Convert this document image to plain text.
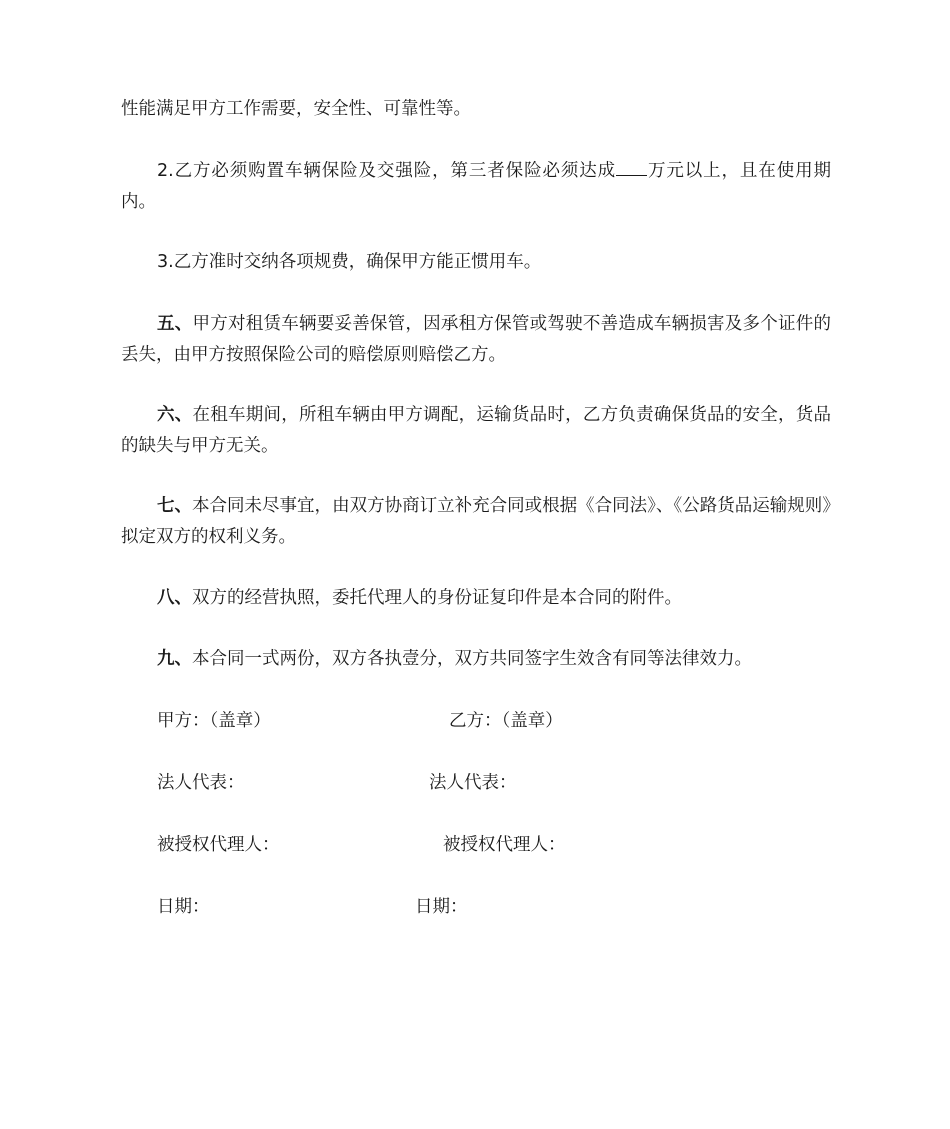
性能满足甲方工作需要，安全性、可靠性等。

2.乙方必须购置车辆保险及交强险，第三者保险必须达成 万元以上，且在使用期内。

3.乙方准时交纳各项规费，确保甲方能正惯用车。

五、甲方对租赁车辆要妥善保管，因承租方保管或驾驶不善造成车辆损害及多个证件的丢失，由甲方按照保险公司的赔偿原则赔偿乙方。

六、在租车期间，所租车辆由甲方调配，运输货品时，乙方负责确保货品的安全，货品的缺失与甲方无关。

七、本合同未尽事宜，由双方协商订立补充合同或根据《合同法》、《公路货品运输规则》拟定双方的权利义务。

八、双方的经营执照，委托代理人的身份证复印件是本合同的附件。

九、本合同一式两份，双方各执壹分，双方共同签字生效含有同等法律效力。

甲方：（盖章）	乙方：（盖章）
法人代表：	法人代表：
被授权代理人：	被授权代理人：
日期：	日期：
